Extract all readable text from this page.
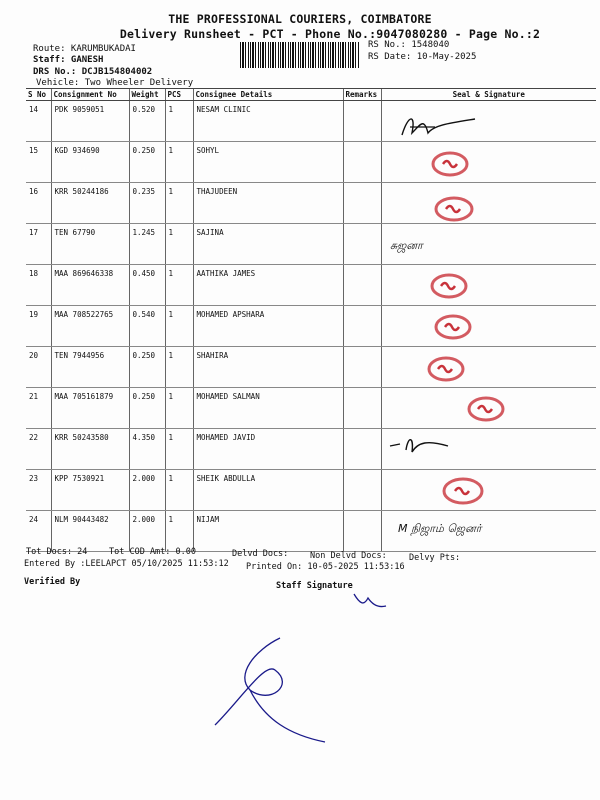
THE PROFESSIONAL COURIERS, COIMBATORE
Delivery Runsheet - PCT - Phone No.:9047080280 - Page No.:2
Route: KARUMBUKADAI
Staff: GANESH
DRS No.: DCJB154804002
Vehicle: Two Wheeler Delivery
RS No.: 1548040
RS Date: 10-May-2025
S No	Consignment No	Weight	PCS	Consignee Details	Remarks	Seal & Signature
14	PDK 9059051	0.520	1	NESAM CLINIC		
15	KGD 934690	0.250	1	SOHYL		
16	KRR 50244186	0.235	1	THAJUDEEN		
17	TEN 67790	1.245	1	SAJINA		
18	MAA 869646338	0.450	1	AATHIKA JAMES		
19	MAA 708522765	0.540	1	MOHAMED APSHARA		
20	TEN 7944956	0.250	1	SHAHIRA		
21	MAA 705161879	0.250	1	MOHAMED SALMAN		
22	KRR 50243580	4.350	1	MOHAMED JAVID		
23	KPP 7530921	2.000	1	SHEIK ABDULLA		
24	NLM 90443482	2.000	1	NIJAM		
சுஜனா
M நிஜாம் ஜெனர்
Tot Docs: 24	Tot COD Amt: 0.00	Delvd Docs:	Non Delvd Docs:	Delvy Pts:
Entered By :LEELAPCT 05/10/2025 11:53:12 Printed On: 10-05-2025 11:53:16
Verified By	Staff Signature
